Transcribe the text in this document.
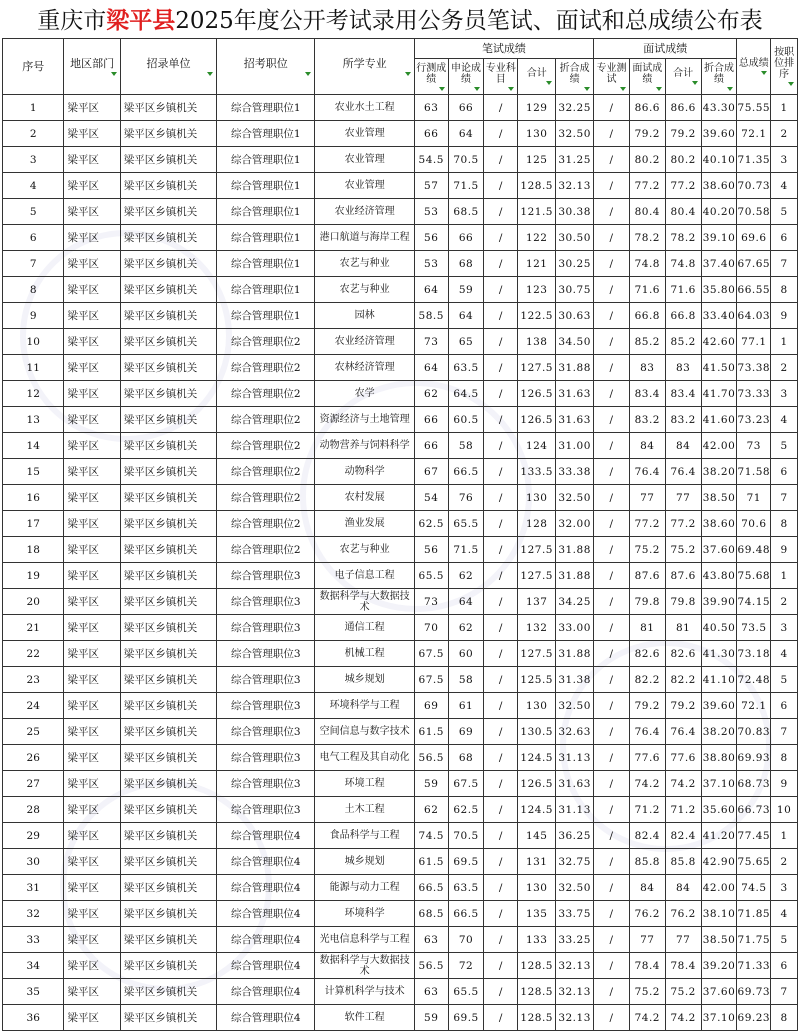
重庆市梁平县2025年度公开考试录用公务员笔试、面试和总成绩公布表
序号	地区部门	招录单位	招考职位	所学专业	笔试成绩					面试成绩				总成绩	按职位排序

					行测成绩	申论成绩	专业科目	合计	折合成绩	专业测试	面试成绩	合计	折合成绩		

1	梁平区	梁平区乡镇机关	综合管理职位1	农业水土工程	63	66	/	129	32.25	/	86.6	86.6	43.30	75.55	1
2	梁平区	梁平区乡镇机关	综合管理职位1	农业管理	66	64	/	130	32.50	/	79.2	79.2	39.60	72.1	2
3	梁平区	梁平区乡镇机关	综合管理职位1	农业管理	54.5	70.5	/	125	31.25	/	80.2	80.2	40.10	71.35	3
4	梁平区	梁平区乡镇机关	综合管理职位1	农业管理	57	71.5	/	128.5	32.13	/	77.2	77.2	38.60	70.73	4
5	梁平区	梁平区乡镇机关	综合管理职位1	农业经济管理	53	68.5	/	121.5	30.38	/	80.4	80.4	40.20	70.58	5
6	梁平区	梁平区乡镇机关	综合管理职位1	港口航道与海岸工程	56	66	/	122	30.50	/	78.2	78.2	39.10	69.6	6
7	梁平区	梁平区乡镇机关	综合管理职位1	农艺与种业	53	68	/	121	30.25	/	74.8	74.8	37.40	67.65	7
8	梁平区	梁平区乡镇机关	综合管理职位1	农艺与种业	64	59	/	123	30.75	/	71.6	71.6	35.80	66.55	8
9	梁平区	梁平区乡镇机关	综合管理职位1	园林	58.5	64	/	122.5	30.63	/	66.8	66.8	33.40	64.03	9
10	梁平区	梁平区乡镇机关	综合管理职位2	农业经济管理	73	65	/	138	34.50	/	85.2	85.2	42.60	77.1	1
11	梁平区	梁平区乡镇机关	综合管理职位2	农林经济管理	64	63.5	/	127.5	31.88	/	83	83	41.50	73.38	2
12	梁平区	梁平区乡镇机关	综合管理职位2	农学	62	64.5	/	126.5	31.63	/	83.4	83.4	41.70	73.33	3
13	梁平区	梁平区乡镇机关	综合管理职位2	资源经济与土地管理	66	60.5	/	126.5	31.63	/	83.2	83.2	41.60	73.23	4
14	梁平区	梁平区乡镇机关	综合管理职位2	动物营养与饲料科学	66	58	/	124	31.00	/	84	84	42.00	73	5
15	梁平区	梁平区乡镇机关	综合管理职位2	动物科学	67	66.5	/	133.5	33.38	/	76.4	76.4	38.20	71.58	6
16	梁平区	梁平区乡镇机关	综合管理职位2	农村发展	54	76	/	130	32.50	/	77	77	38.50	71	7
17	梁平区	梁平区乡镇机关	综合管理职位2	渔业发展	62.5	65.5	/	128	32.00	/	77.2	77.2	38.60	70.6	8
18	梁平区	梁平区乡镇机关	综合管理职位2	农艺与种业	56	71.5	/	127.5	31.88	/	75.2	75.2	37.60	69.48	9
19	梁平区	梁平区乡镇机关	综合管理职位3	电子信息工程	65.5	62	/	127.5	31.88	/	87.6	87.6	43.80	75.68	1
20	梁平区	梁平区乡镇机关	综合管理职位3	数据科学与大数据技术	73	64	/	137	34.25	/	79.8	79.8	39.90	74.15	2
21	梁平区	梁平区乡镇机关	综合管理职位3	通信工程	70	62	/	132	33.00	/	81	81	40.50	73.5	3
22	梁平区	梁平区乡镇机关	综合管理职位3	机械工程	67.5	60	/	127.5	31.88	/	82.6	82.6	41.30	73.18	4
23	梁平区	梁平区乡镇机关	综合管理职位3	城乡规划	67.5	58	/	125.5	31.38	/	82.2	82.2	41.10	72.48	5
24	梁平区	梁平区乡镇机关	综合管理职位3	环境科学与工程	69	61	/	130	32.50	/	79.2	79.2	39.60	72.1	6
25	梁平区	梁平区乡镇机关	综合管理职位3	空间信息与数字技术	61.5	69	/	130.5	32.63	/	76.4	76.4	38.20	70.83	7
26	梁平区	梁平区乡镇机关	综合管理职位3	电气工程及其自动化	56.5	68	/	124.5	31.13	/	77.6	77.6	38.80	69.93	8
27	梁平区	梁平区乡镇机关	综合管理职位3	环境工程	59	67.5	/	126.5	31.63	/	74.2	74.2	37.10	68.73	9
28	梁平区	梁平区乡镇机关	综合管理职位3	土木工程	62	62.5	/	124.5	31.13	/	71.2	71.2	35.60	66.73	10
29	梁平区	梁平区乡镇机关	综合管理职位4	食品科学与工程	74.5	70.5	/	145	36.25	/	82.4	82.4	41.20	77.45	1
30	梁平区	梁平区乡镇机关	综合管理职位4	城乡规划	61.5	69.5	/	131	32.75	/	85.8	85.8	42.90	75.65	2
31	梁平区	梁平区乡镇机关	综合管理职位4	能源与动力工程	66.5	63.5	/	130	32.50	/	84	84	42.00	74.5	3
32	梁平区	梁平区乡镇机关	综合管理职位4	环境科学	68.5	66.5	/	135	33.75	/	76.2	76.2	38.10	71.85	4
33	梁平区	梁平区乡镇机关	综合管理职位4	光电信息科学与工程	63	70	/	133	33.25	/	77	77	38.50	71.75	5
34	梁平区	梁平区乡镇机关	综合管理职位4	数据科学与大数据技术	56.5	72	/	128.5	32.13	/	78.4	78.4	39.20	71.33	6
35	梁平区	梁平区乡镇机关	综合管理职位4	计算机科学与技术	63	65.5	/	128.5	32.13	/	75.2	75.2	37.60	69.73	7
36	梁平区	梁平区乡镇机关	综合管理职位4	软件工程	59	69.5	/	128.5	32.13	/	74.2	74.2	37.10	69.23	8
